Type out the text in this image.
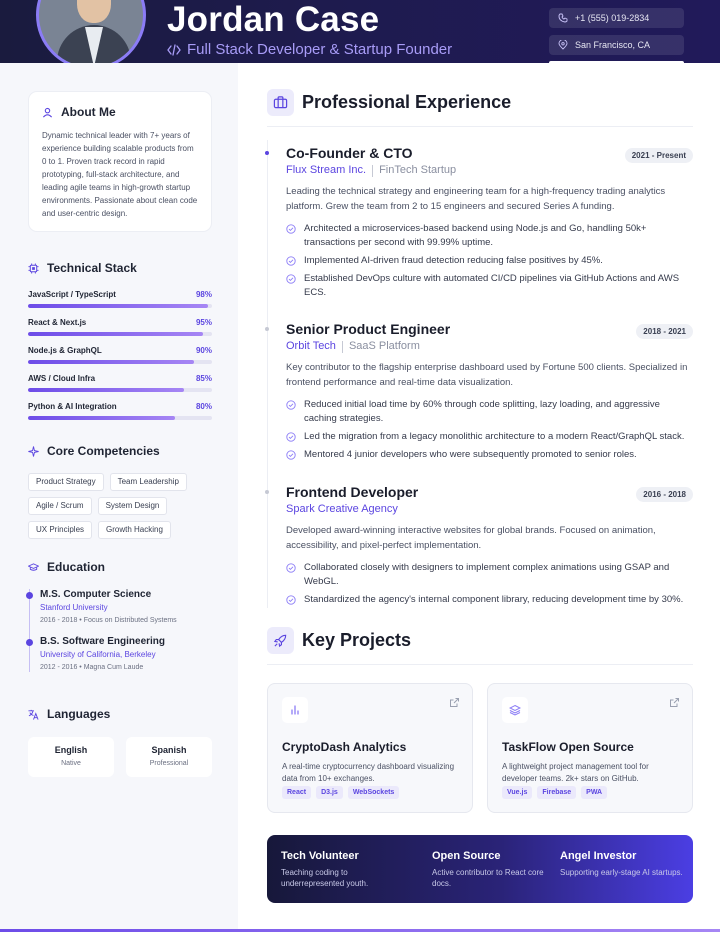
Jordan Case
Full Stack Developer & Startup Founder
+1 (555) 019-2834
San Francisco, CA
About Me
Dynamic technical leader with 7+ years of experience building scalable products from 0 to 1. Proven track record in rapid prototyping, full-stack architecture, and leading agile teams in high-growth startup environments. Passionate about clean code and user-centric design.
Technical Stack
JavaScript / TypeScript	98%
React & Next.js	95%
Node.js & GraphQL	90%
AWS / Cloud Infra	85%
Python & AI Integration	80%
Core Competencies
Product Strategy	Team Leadership
Agile / Scrum	System Design
UX Principles	Growth Hacking
Education
M.S. Computer Science
Stanford University
2016 - 2018 • Focus on Distributed Systems
B.S. Software Engineering
University of California, Berkeley
2012 - 2016 • Magna Cum Laude
Languages
English
Native
Spanish
Professional
Professional Experience
Co-Founder & CTO	2021 - Present
Flux Stream Inc. FinTech Startup
Leading the technical strategy and engineering team for a high-frequency trading analytics platform. Grew the team from 2 to 15 engineers and secured Series A funding.
Architected a microservices-based backend using Node.js and Go, handling 50k+ transactions per second with 99.99% uptime.
Implemented AI-driven fraud detection reducing false positives by 45%.
Established DevOps culture with automated CI/CD pipelines via GitHub Actions and AWS ECS.
Senior Product Engineer	2018 - 2021
Orbit Tech SaaS Platform
Key contributor to the flagship enterprise dashboard used by Fortune 500 clients. Specialized in frontend performance and real-time data visualization.
Reduced initial load time by 60% through code splitting, lazy loading, and aggressive caching strategies.
Led the migration from a legacy monolithic architecture to a modern React/GraphQL stack.
Mentored 4 junior developers who were subsequently promoted to senior roles.
Frontend Developer	2016 - 2018
Spark Creative Agency
Developed award-winning interactive websites for global brands. Focused on animation, accessibility, and pixel-perfect implementation.
Collaborated closely with designers to implement complex animations using GSAP and WebGL.
Standardized the agency's internal component library, reducing development time by 30%.
Key Projects
CryptoDash Analytics
A real-time cryptocurrency dashboard visualizing data from 10+ exchanges.
React	D3.js	WebSockets
TaskFlow Open Source
A lightweight project management tool for developer teams. 2k+ stars on GitHub.
Vue.js	Firebase	PWA
Tech Volunteer
Teaching coding to underrepresented youth.
Open Source
Active contributor to React core docs.
Angel Investor
Supporting early-stage AI startups.
